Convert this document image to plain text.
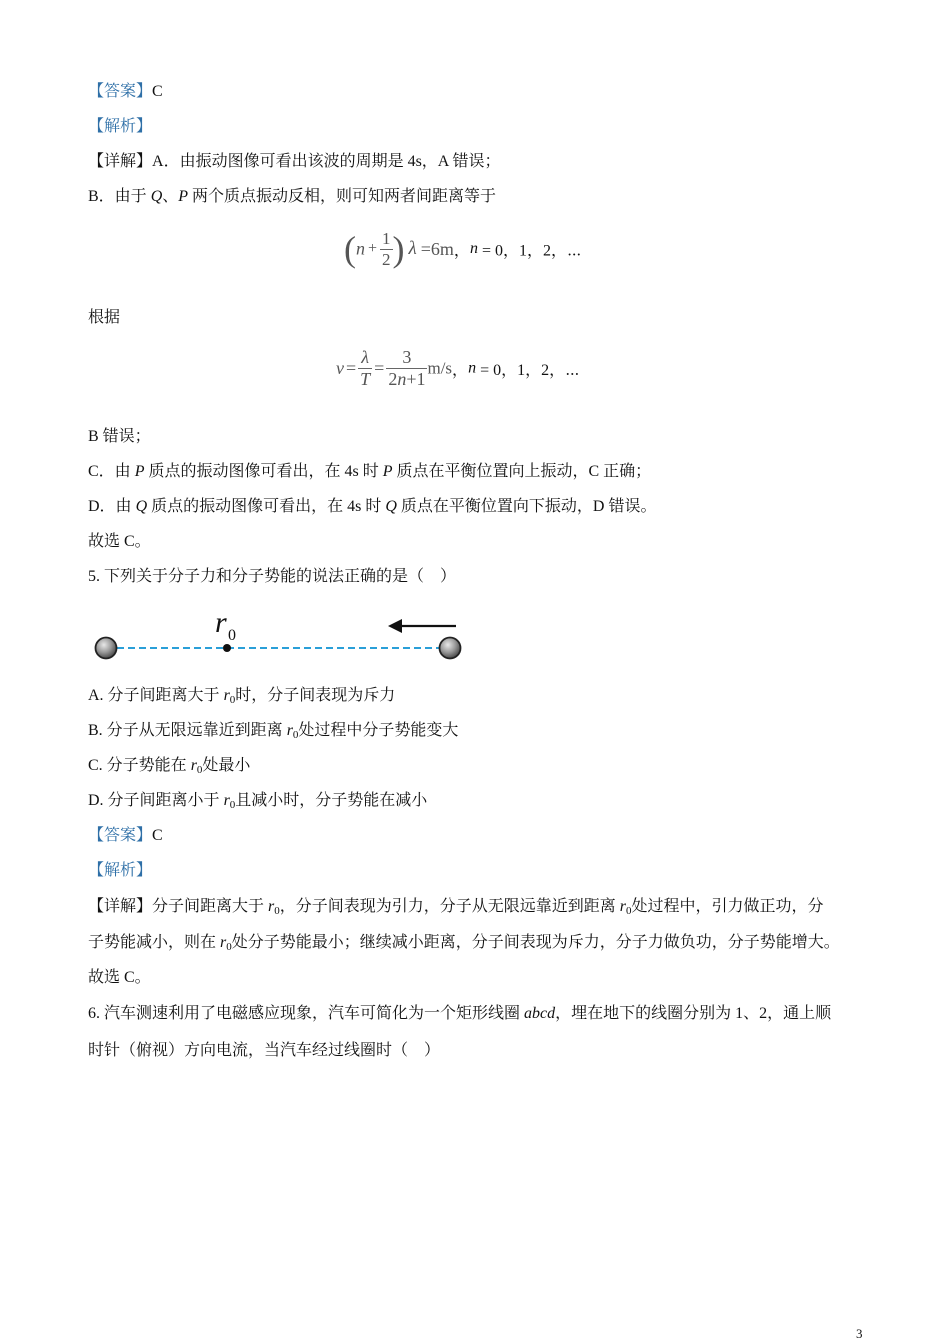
【答案】C
【解析】
【详解】A．由振动图像可看出该波的周期是 4s，A 错误；
B．由于 Q、P 两个质点振动反相，则可知两者间距离等于
($n + \frac{1}{2}$ ) λ =6m，n = 0，1，2，⋯
根据
$v = \frac{\lambda}{T} = \frac{3}{2n+1} m/s$，n = 0，1，2，⋯
B 错误；
C．由 P 质点的振动图像可看出，在 4s 时 P 质点在平衡位置向上振动，C 正确；
D．由 Q 质点的振动图像可看出，在 4s 时 Q 质点在平衡位置向下振动，D 错误。
故选 C。
5. 下列关于分子力和分子势能的说法正确的是（　）
r 0
A. 分子间距离大于 $r_0$时，分子间表现为斥力
B. 分子从无限远靠近到距离 $r_0$处过程中分子势能变大
C. 分子势能在 $r_0$处最小
D. 分子间距离小于 $r_0$且减小时，分子势能在减小
【答案】C
【解析】
【详解】分子间距离大于 $r_0$，分子间表现为引力，分子从无限远靠近到距离 $r_0$处过程中，引力做正功，分
子势能减小，则在 $r_0$处分子势能最小；继续减小距离，分子间表现为斥力，分子力做负功，分子势能增大。
故选 C。
6. 汽车测速利用了电磁感应现象，汽车可简化为一个矩形线圈 abcd，埋在地下的线圈分别为 1、2，通上顺
时针（俯视）方向电流，当汽车经过线圈时（　）
3
